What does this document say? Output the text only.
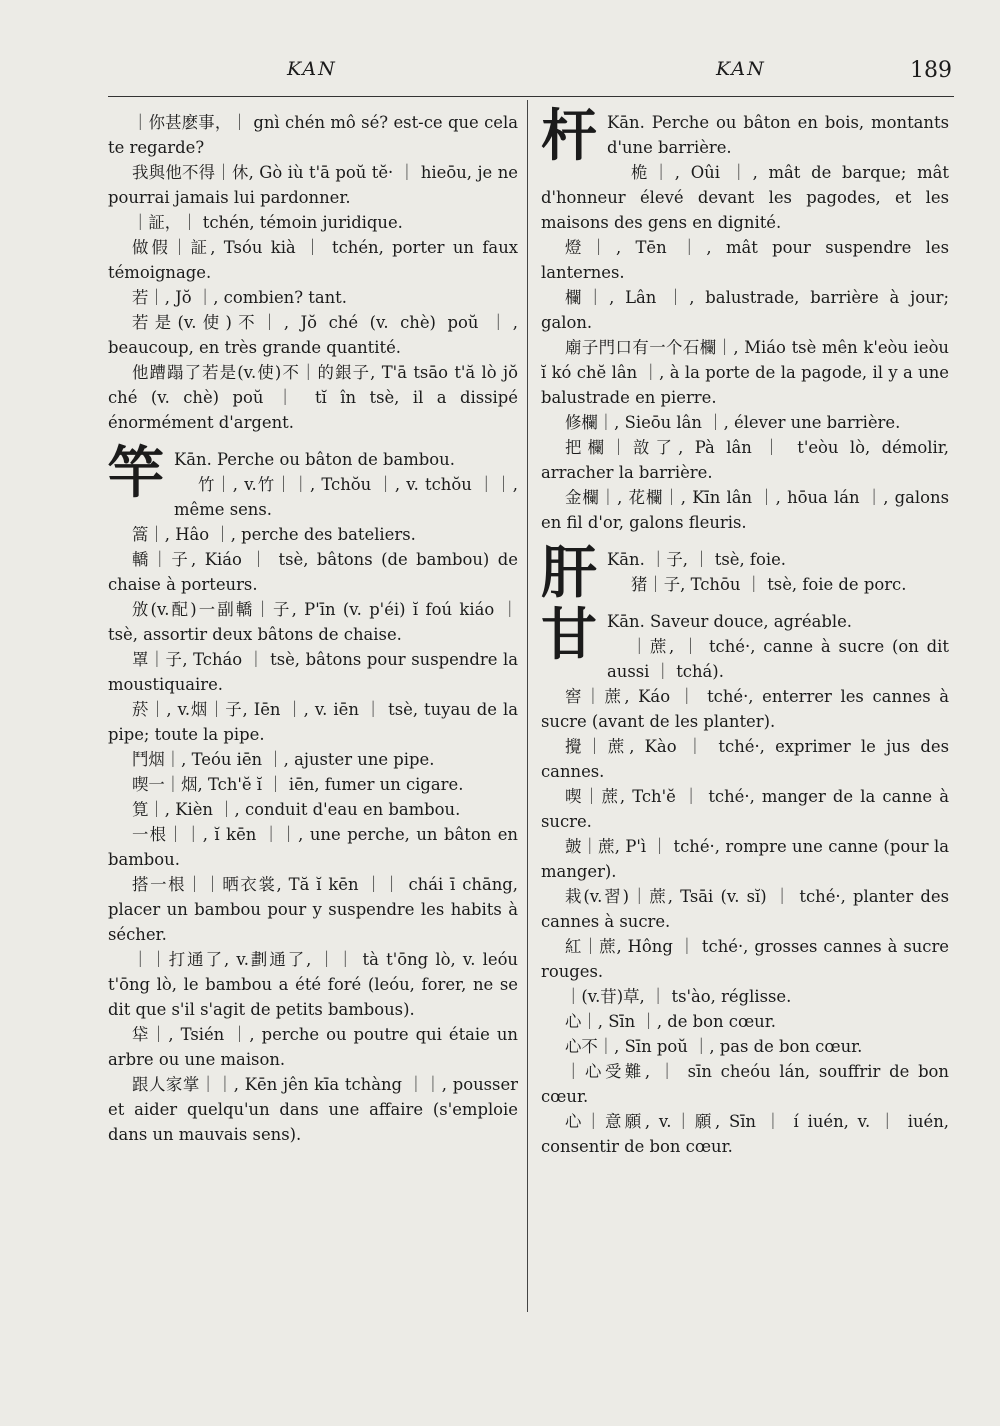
KAN	KAN	189

｜你甚麽事，｜ gnì chén mô sé? est-ce que cela te regarde?

我與他不得｜休, Gò iù t'ā poŭ tĕ· ｜ hieōu, je ne pourrai jamais lui pardonner.

｜証，｜ tchén, témoin juridique.

做假｜証, Tsóu kià ｜ tchén, porter un faux témoignage.

若｜, Jŏ ｜, combien? tant.

若是(v.使)不｜, Jŏ ché (v. chè) poŭ ｜, beaucoup, en très grande quantité.

他蹧蹋了若是(v.使)不｜的銀子, T'ā tsāo t'ă lò jŏ ché (v. chè) poŭ ｜ tĭ în tsè, il a dissipé énormément d'argent.

竿 Kān. Perche ou bâton de bambou.

竹｜, v.竹｜｜, Tchŏu ｜, v. tchŏu ｜｜, même sens.

篙｜, Hâo ｜, perche des bateliers.

轎｜子, Kiáo ｜ tsè, bâtons (de bambou) de chaise à porteurs.

攽(v.配)一副轎｜子, P'īn (v. p'éi) ĭ foú kiáo ｜ tsè, assortir deux bâtons de chaise.

罩｜子, Tcháo ｜ tsè, bâtons pour suspendre la moustiquaire.

菸｜, v.烟｜子, Iēn ｜, v. iēn ｜ tsè, tuyau de la pipe; toute la pipe.

鬥烟｜, Teóu iēn ｜, ajuster une pipe.

喫一｜烟, Tch'ĕ ĭ ｜ iēn, fumer un cigare.

筧｜, Kièn ｜, conduit d'eau en bambou.

一根｜｜, ĭ kēn ｜｜, une perche, un bâton en bambou.

搭一根｜｜晒衣裳, Tă ĭ kēn ｜｜ chái ī chāng, placer un bambou pour y suspendre les habits à sécher.

｜｜打通了, v.劃通了, ｜｜ tà t'ōng lò, v. leóu t'ōng lò, le bambou a été foré (leóu, forer, ne se dit que s'il s'agit de petits bambous).

牮｜, Tsién ｜, perche ou poutre qui étaie un arbre ou une maison.

跟人家掌｜｜, Kēn jên kīa tchàng ｜｜, pousser et aider quelqu'un dans une affaire (s'emploie dans un mauvais sens).

杆 Kān. Perche ou bâton en bois, montants d'une barrière.

桅｜, Oûi ｜, mât de barque; mât d'honneur élevé devant les pagodes, et les maisons des gens en dignité.

燈｜, Tēn ｜, mât pour suspendre les lanternes.

欄｜, Lân ｜, balustrade, barrière à jour; galon.

廟子門口有一个石欄｜, Miáo tsè mên k'eòu ieòu ĭ kó chĕ lân ｜, à la porte de la pagode, il y a une balustrade en pierre.

修欄｜, Sieōu lân ｜, élever une barrière.

把欄｜敨了, Pà lân ｜ t'eòu lò, démolir, arracher la barrière.

金欄｜, 花欄｜, Kīn lân ｜, hōua lán ｜, galons en fil d'or, galons fleuris.

肝 Kān. ｜子, ｜ tsè, foie.

猪｜子, Tchōu ｜ tsè, foie de porc.

甘 Kān. Saveur douce, agréable.

｜蔗, ｜ tché·, canne à sucre (on dit aussi ｜ tchá).

窖｜蔗, Káo ｜ tché·, enterrer les cannes à sucre (avant de les planter).

攪｜蔗, Kào ｜ tché·, exprimer le jus des cannes.

喫｜蔗, Tch'ĕ ｜ tché·, manger de la canne à sucre.

皷｜蔗, P'ì ｜ tché·, rompre une canne (pour la manger).

栽(v.習)｜蔗, Tsāi (v. sĭ) ｜ tché·, planter des cannes à sucre.

紅｜蔗, Hông ｜ tché·, grosses cannes à sucre rouges.

｜(v.苷)草, ｜ ts'ào, réglisse.

心｜, Sīn ｜, de bon cœur.

心不｜, Sīn poŭ ｜, pas de bon cœur.

｜心受難, ｜ sīn cheóu lán, souffrir de bon cœur.

心｜意願, v.｜願, Sīn ｜ í iuén, v. ｜ iuén, consentir de bon cœur.
